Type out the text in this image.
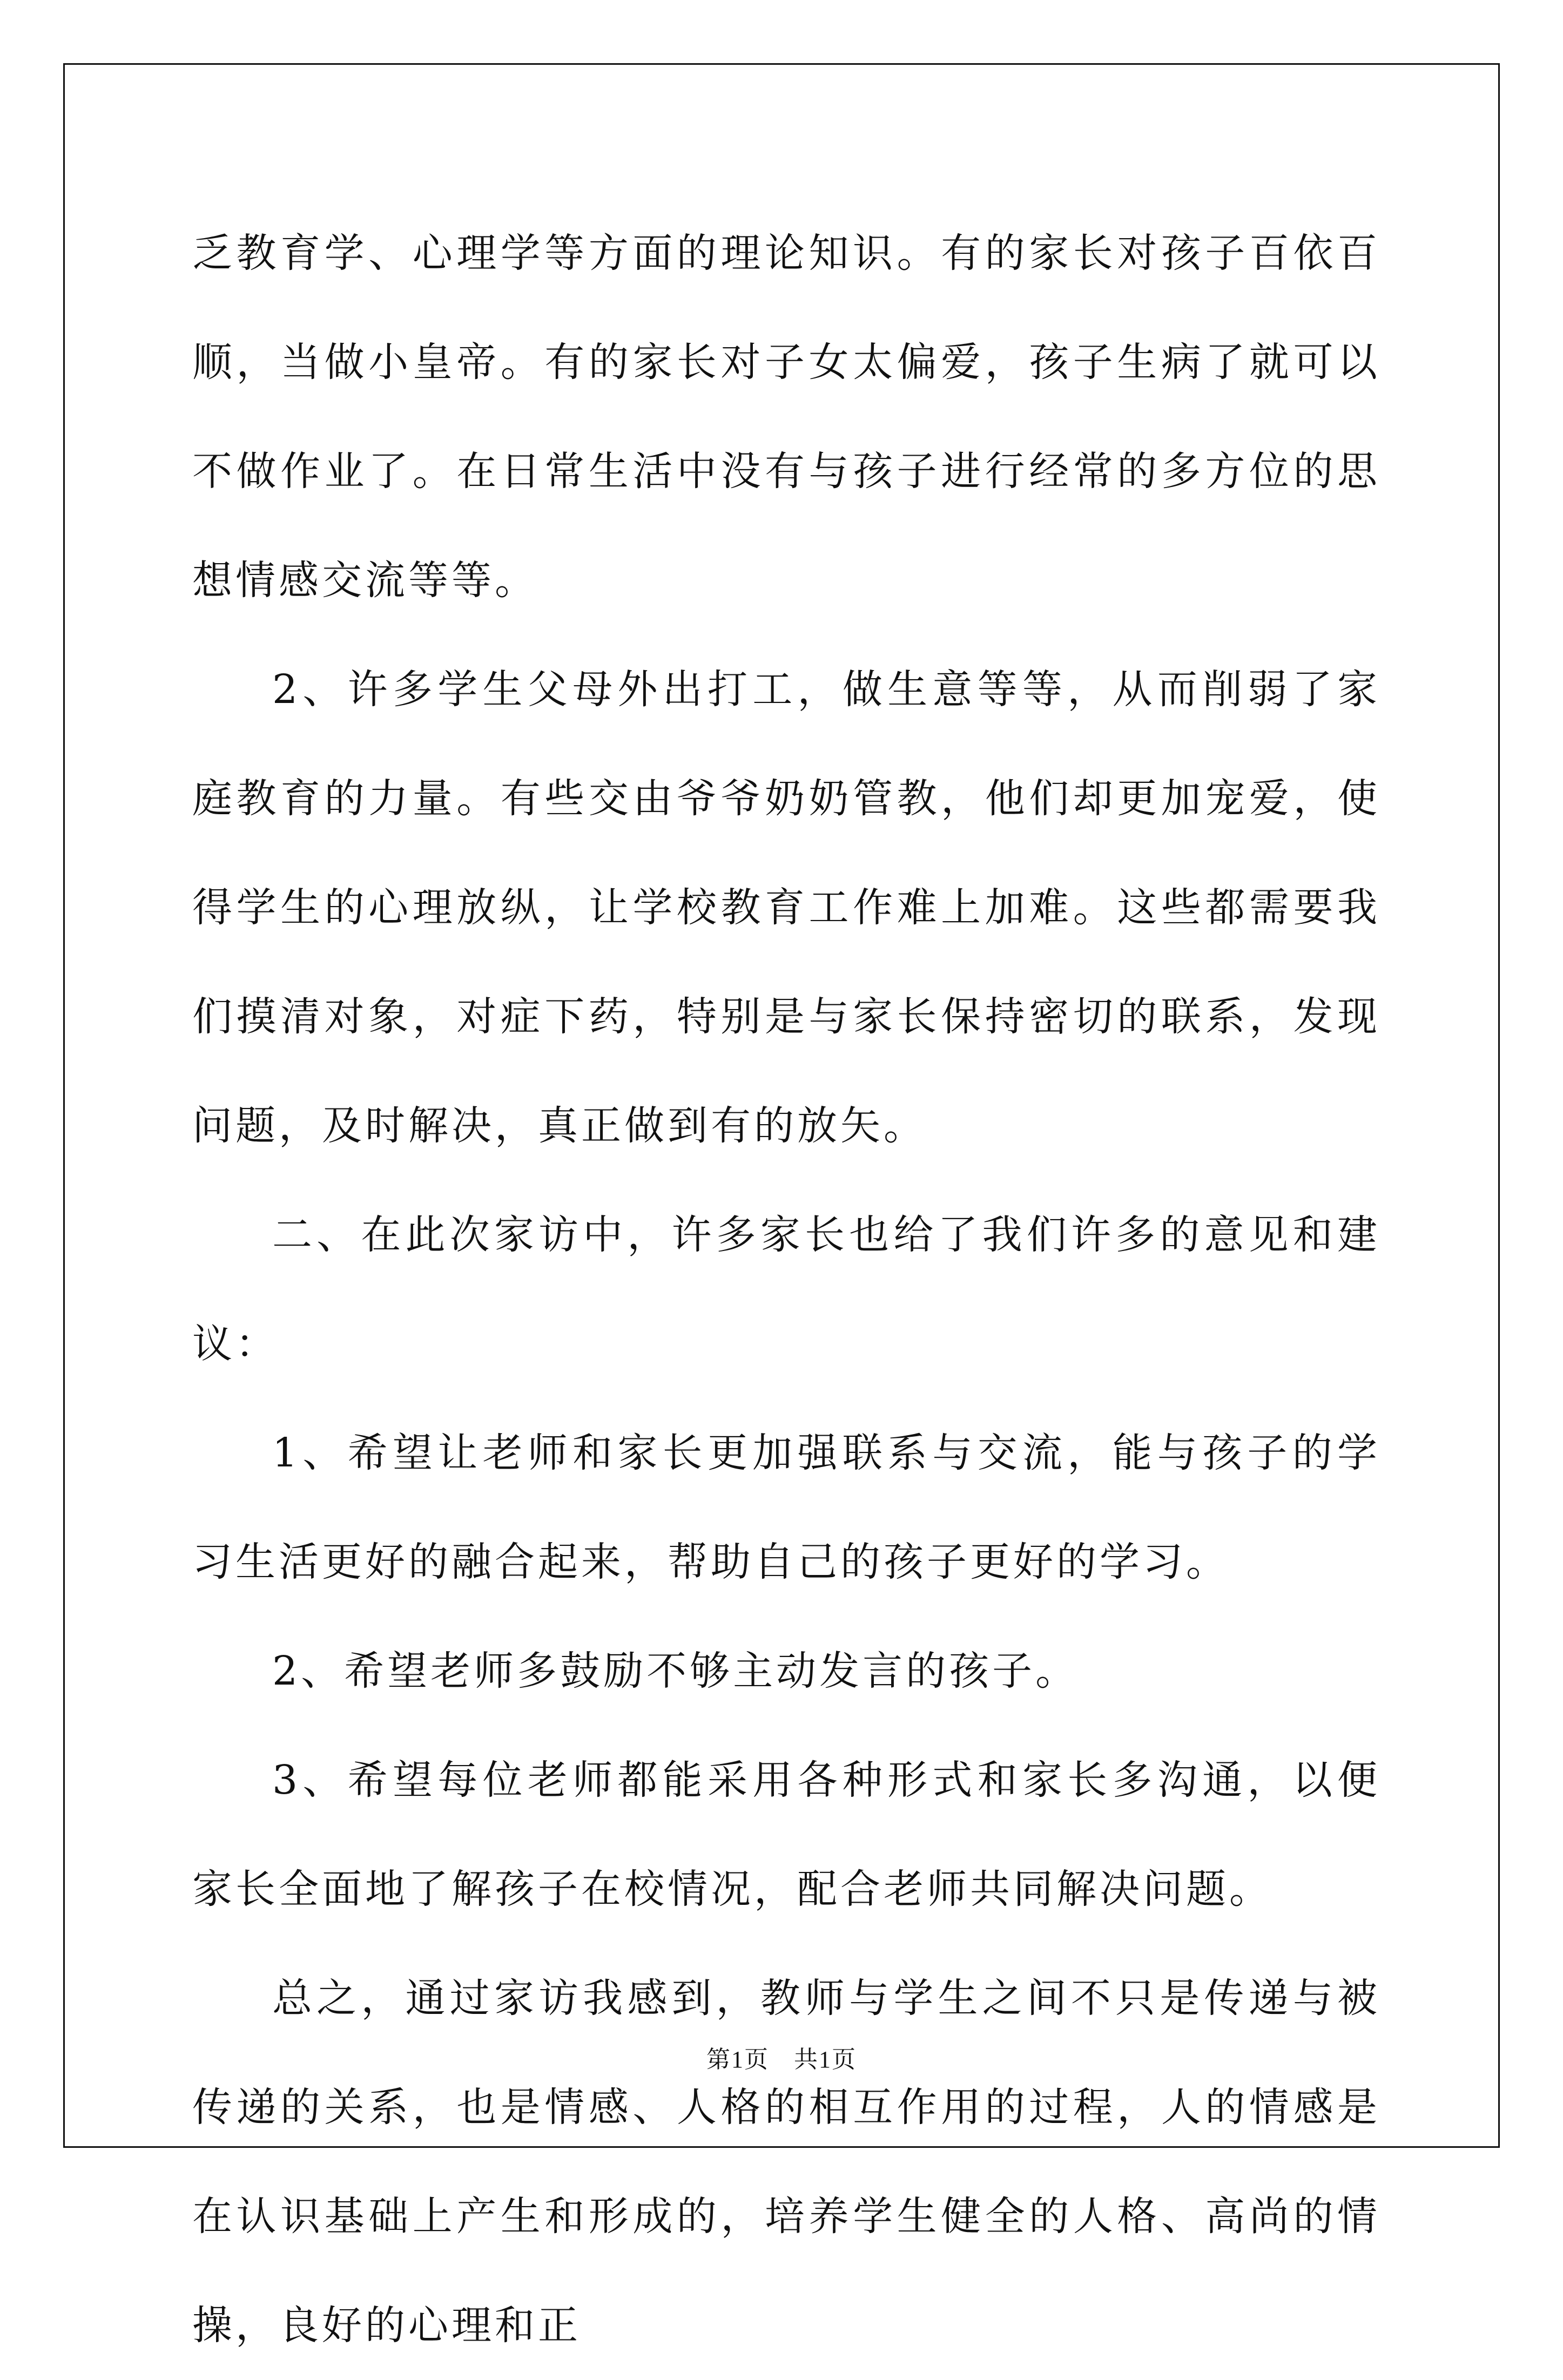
乏教育学、心理学等方面的理论知识。有的家长对孩子百依百顺，当做小皇帝。有的家长对子女太偏爱，孩子生病了就可以不做作业了。在日常生活中没有与孩子进行经常的多方位的思想情感交流等等。

2、许多学生父母外出打工，做生意等等，从而削弱了家庭教育的力量。有些交由爷爷奶奶管教，他们却更加宠爱，使得学生的心理放纵，让学校教育工作难上加难。这些都需要我们摸清对象，对症下药，特别是与家长保持密切的联系，发现问题，及时解决，真正做到有的放矢。

二、在此次家访中，许多家长也给了我们许多的意见和建议：

1、希望让老师和家长更加强联系与交流，能与孩子的学习生活更好的融合起来，帮助自己的孩子更好的学习。

2、希望老师多鼓励不够主动发言的孩子。

3、希望每位老师都能采用各种形式和家长多沟通，以便家长全面地了解孩子在校情况，配合老师共同解决问题。

总之，通过家访我感到，教师与学生之间不只是传递与被传递的关系，也是情感、人格的相互作用的过程，人的情感是在认识基础上产生和形成的，培养学生健全的人格、高尚的情操，良好的心理和正

第1页　共1页
